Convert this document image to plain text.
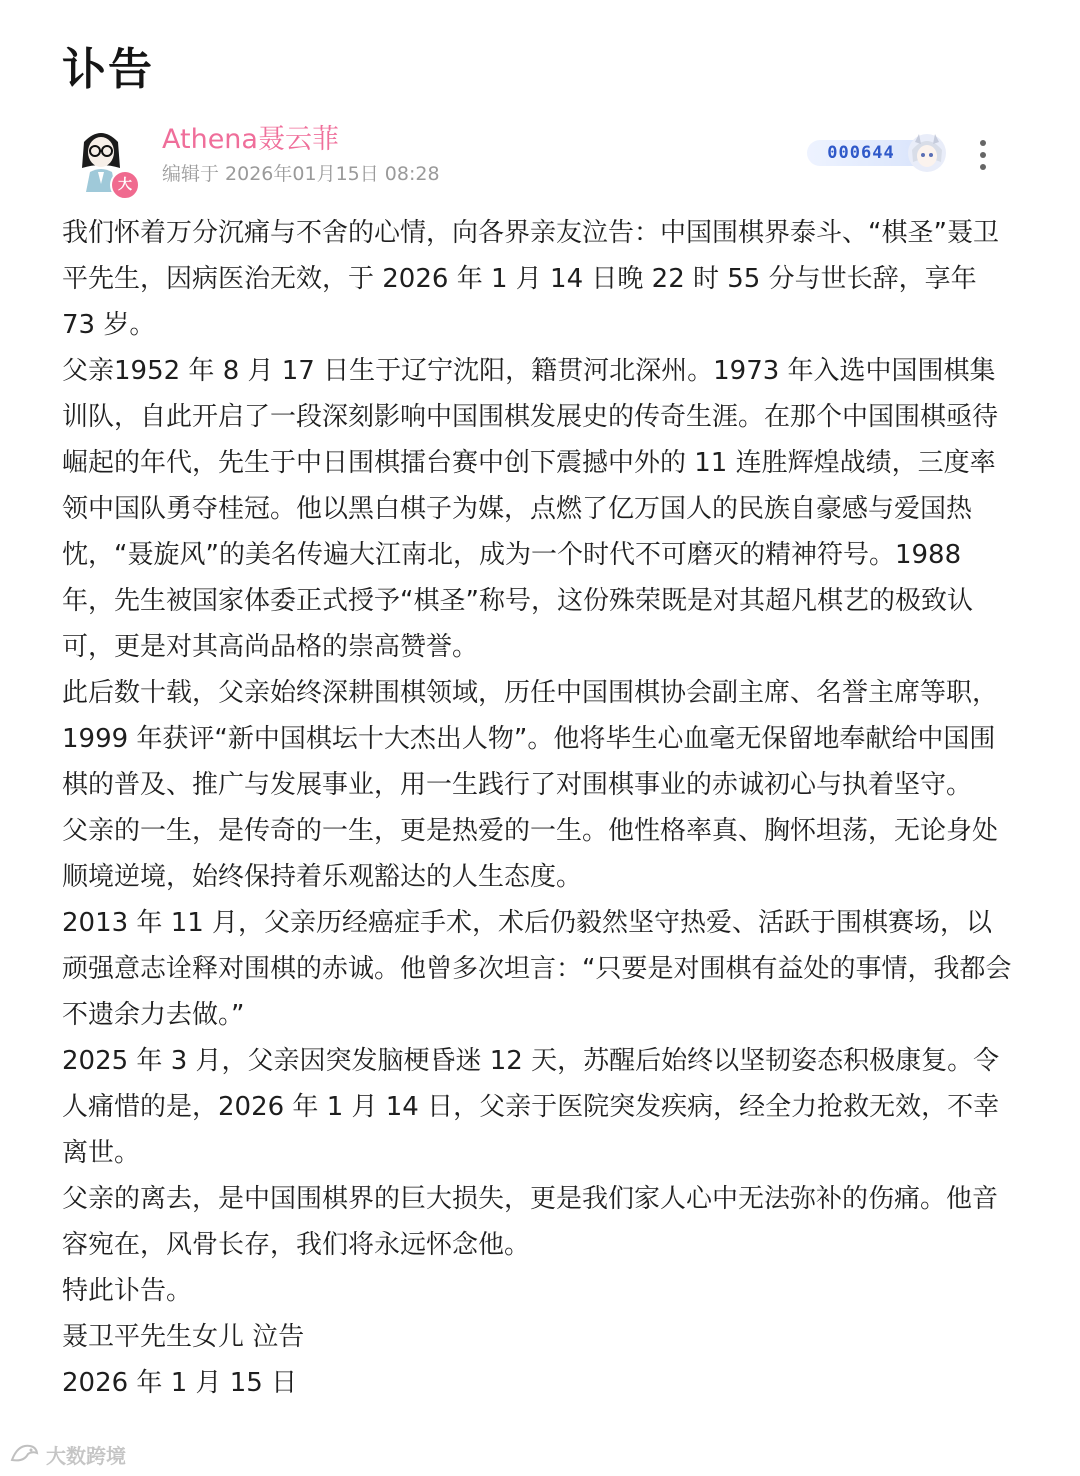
讣告
大
Athena聂云菲
编辑于 2026年01月15日 08:28
000644

我们怀着万分沉痛与不舍的心情，向各界亲友泣告：中国围棋界泰斗、“棋圣”聂卫平先生，因病医治无效，于 2026 年 1 月 14 日晚 22 时 55 分与世长辞，享年 73 岁。

父亲1952 年 8 月 17 日生于辽宁沈阳，籍贯河北深州。1973 年入选中国围棋集训队，自此开启了一段深刻影响中国围棋发展史的传奇生涯。在那个中国围棋亟待崛起的年代，先生于中日围棋擂台赛中创下震撼中外的 11 连胜辉煌战绩，三度率领中国队勇夺桂冠。他以黑白棋子为媒，点燃了亿万国人的民族自豪感与爱国热忱，“聂旋风”的美名传遍大江南北，成为一个时代不可磨灭的精神符号。1988 年，先生被国家体委正式授予“棋圣”称号，这份殊荣既是对其超凡棋艺的极致认可，更是对其高尚品格的崇高赞誉。

此后数十载，父亲始终深耕围棋领域，历任中国围棋协会副主席、名誉主席等职，1999 年获评“新中国棋坛十大杰出人物”。他将毕生心血毫无保留地奉献给中国围棋的普及、推广与发展事业，用一生践行了对围棋事业的赤诚初心与执着坚守。

父亲的一生，是传奇的一生，更是热爱的一生。他性格率真、胸怀坦荡，无论身处顺境逆境，始终保持着乐观豁达的人生态度。

2013 年 11 月，父亲历经癌症手术，术后仍毅然坚守热爱、活跃于围棋赛场，以顽强意志诠释对围棋的赤诚。他曾多次坦言：“只要是对围棋有益处的事情，我都会不遗余力去做。”

2025 年 3 月，父亲因突发脑梗昏迷 12 天，苏醒后始终以坚韧姿态积极康复。令人痛惜的是，2026 年 1 月 14 日，父亲于医院突发疾病，经全力抢救无效，不幸离世。

父亲的离去，是中国围棋界的巨大损失，更是我们家人心中无法弥补的伤痛。他音容宛在，风骨长存，我们将永远怀念他。

特此讣告。

聂卫平先生女儿 泣告

2026 年 1 月 15 日

大数跨境
